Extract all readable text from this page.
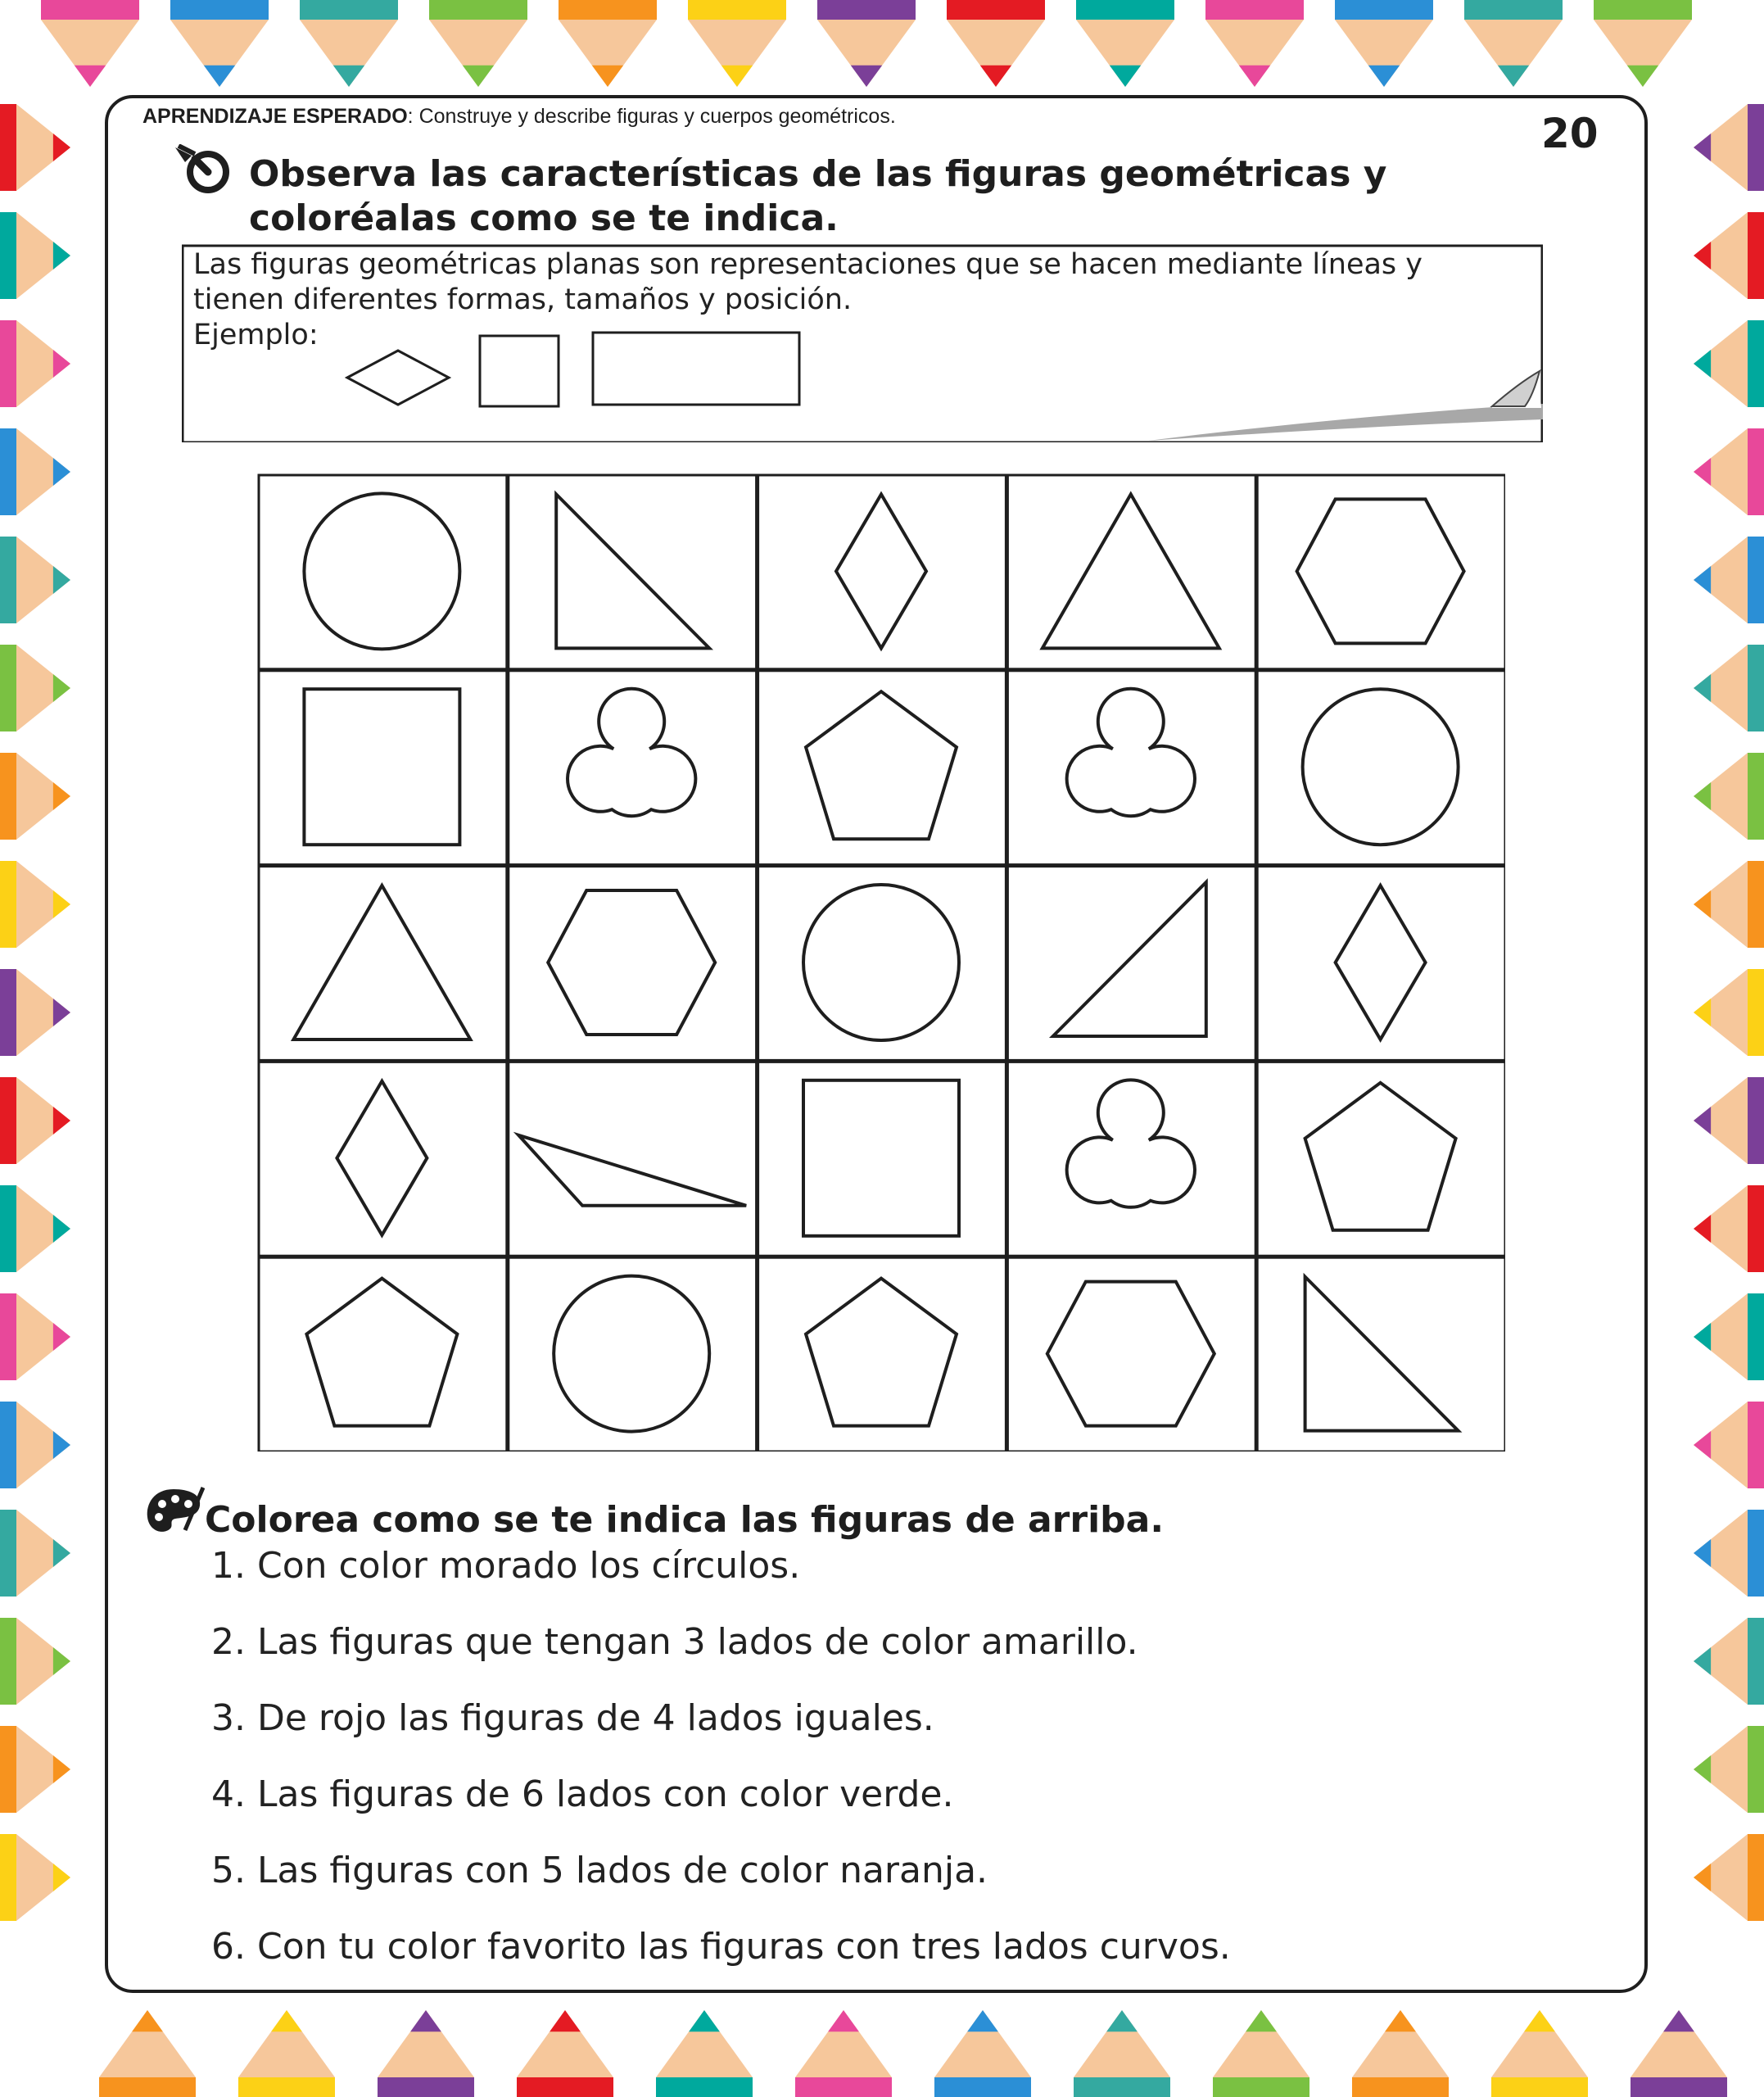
APRENDIZAJE ESPERADO: Construye y describe figuras y cuerpos geométricos.	20
Observa las características de las figuras geométricas y coloréalas como se te indica.
Las figuras geométricas planas son representaciones que se hacen mediante líneas y
tienen diferentes formas, tamaños y posición.
Ejemplo:
Colorea como se te indica las figuras de arriba.
1. Con color morado los círculos.
2. Las figuras que tengan 3 lados de color amarillo.
3. De rojo las figuras de 4 lados iguales.
4. Las figuras de 6 lados con color verde.
5. Las figuras con 5 lados de color naranja.
6. Con tu color favorito las figuras con tres lados curvos.
